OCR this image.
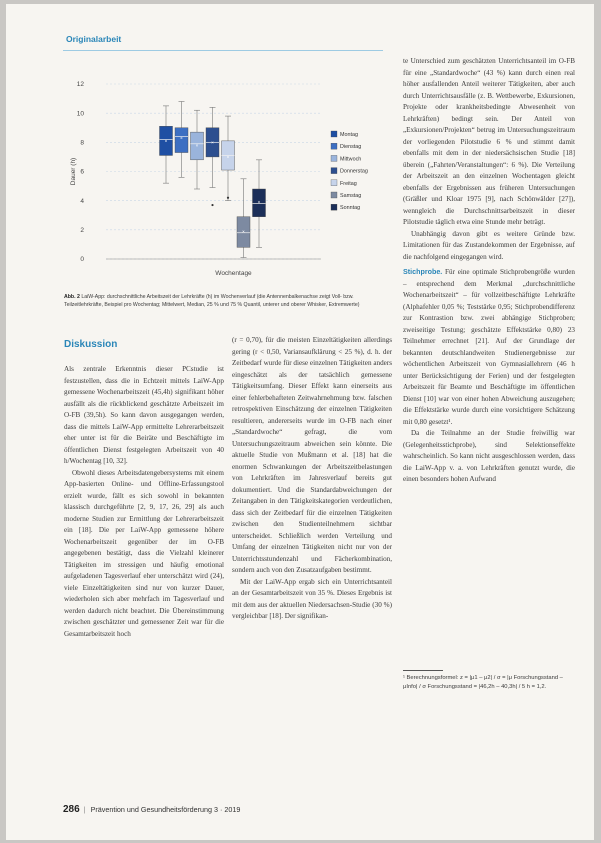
Originalarbeit
0
2
4
6
8
10
12
Dauer (h)
Wochentage
×
×
×
×
×
×
×
Montag
Dienstag
Mittwoch
Donnerstag
Freitag
Samstag
Sonntag
Abb. 2 LaiW-App: durchschnittliche Arbeitszeit der Lehrkräfte (h) im Wochenverlauf (die Antennenbalkenachse zeigt Voll- bzw. Teilzeitlehrkräfte, Beispiel pro Wochentag; Mittelwert, Median, 25 % und 75 % Quantil, unterer und oberer Whisker, Extremwerte)
Diskussion

Als zentrale Erkenntnis dieser PCstudie ist festzustellen, dass die in Echtzeit mittels LaiW-App gemessene Wochenarbeitszeit (45,4h) signifikant höher ausfällt als die rückblickend geschätzte Arbeitszeit im O-FB (39,5h). So kann davon ausgegangen werden, dass die mittels LaiW-App ermittelte Lehrerarbeitszeit eher unter ist für die Beiräte und Beschäftigte im öffentlichen Dienst festgelegten Arbeitszeit von 40 h/Wochentag [10, 32].

Obwohl dieses Arbeitsdatengebersystems mit einem App-basierten Online- und Offline-Erfassungstool erzielt wurde, fällt es sich sowohl in bekannten klassisch durchgeführte [2, 9, 17, 26, 29] als auch moderne Studien zur Ermittlung der Lehrerarbeitszeit ein [18]. Die per LaiW-App gemessene höhere Wochenarbeitszeit gegenüber der im O-FB angegebenen bestätigt, dass die Vielzahl kleinerer Tätigkeiten im stressigen und häufig emotional aufgeladenen Tagesverlauf eher unterschätzt wird (24), viele Einzeltätigkeiten sind nur von kurzer Dauer, wiederholen sich aber mehrfach im Tagesverlauf und werden dadurch nicht beachtet. Die Übereinstimmung zwischen geschätzter und gemessener Zeit war für die Gesamtarbeitszeit hoch

(r = 0,70), für die meisten Einzeltätigkeiten allerdings gering (r < 0,50, Variansaufklärung < 25 %), d. h. der Zeitbedarf wurde für diese einzelnen Tätigkeiten anders eingeschätzt als der tatsächlich gemessene Tätigkeitsumfang. Dieser Effekt kann einerseits aus einer fehlerbehafteten Zeitwahrnehmung bzw. falschen retrospektiven Einschätzung der einzelnen Tätigkeiten resultieren, andererseits wurde im O-FB nach einer „Standardwoche“ gefragt, die vom Untersuchungszeitraum abweichen sein könnte. Die aktuelle Studie von Mußmann et al. [18] hat die enormen Schwankungen der Arbeitszeitbelastungen von Lehrkräften im Jahresverlauf bereits gut dokumentiert. Und die Standardabweichungen der Zeitangaben in den Tätigkeitskategorien verdeutlichen, dass sich der Zeitbedarf für die einzelnen Tätigkeiten zwischen den Studienteilnehmern sichtbar unterscheidet. Schließlich werden Verteilung und Umfang der einzelnen Tätigkeiten nicht nur von der Unterrichtsstundenzahl und Fächerkombination, sondern auch von den Zusatzaufgaben bestimmt.

Mit der LaiW-App ergab sich ein Unterrichtsanteil an der Gesamtarbeitszeit von 35 %. Dieses Ergebnis ist mit dem aus der aktuellen Niedersachsen-Studie (30 %) vergleichbar [18]. Der signifikan-

te Unterschied zum geschätzten Unterrichtsanteil im O-FB für eine „Standardwoche“ (43 %) kann durch einen real höher ausfallenden Anteil weiterer Tätigkeiten, aber auch durch Unterrichtsausfälle (z. B. Wettbewerbe, Exkursionen, Projekte oder krankheitsbedingte Abwesenheit von Lehrkräften) bedingt sein. Der Anteil von „Exkursionen/Projekten“ betrug im Untersuchungszeitraum der vorliegenden Pilotstudie 6 % und stimmt damit ebenfalls mit dem in der niedersächsischen Studie [18] überein („Fahrten/Veranstaltungen“: 6 %). Die Verteilung der Arbeitszeit an den einzelnen Wochentagen gleicht ebenfalls der Ergebnissen aus früheren Untersuchungen (Gräßler und Kloar 1975 [9], nach Schönwälder [27]), wenngleich die Durchschnittsarbeitszeit in dieser Pilotstudie täglich etwa eine Stunde mehr beträgt.

Unabhängig davon gibt es weitere Gründe bzw. Limitationen für das Zustandekommen der Ergebnisse, auf die nachfolgend eingegangen wird.

Stichprobe. Für eine optimale Stichprobengröße wurden – entsprechend dem Merkmal „durchschnittliche Wochenarbeitszeit“ – für vollzeitbeschäftigte Lehrkräfte (Alphafehler 0,05 %; Teststärke 0,95; Stichprobendifferenz zur Kontrastion bzw. zwei abhängige Stichproben; zweiseitige Testung; geschätzte Effektstärke 0,80) 23 Teilnehmer errechnet [21]. Auf der Grundlage der bekannten deutschlandweiten Studienergebnisse zur wöchentlichen Arbeitszeit von Gymnasiallehrern (46 h unter Berücksichtigung der Ferien) und der festgelegten Arbeitszeit für Beamte und Beschäftigte im öffentlichen Dienst [10] war von einer hohen Abweichung auszugehen; die Effektstärke wurde durch eine vorsichtigere Schätzung mit 0,80 gesetzt¹.

Da die Teilnahme an der Studie freiwillig war (Gelegenheitsstichprobe), sind Selektionseffekte wahrscheinlich. So kann nicht ausgeschlossen werden, dass die LaiW-App v. a. von Lehrkräften genutzt wurde, die einen besonders hohen Aufwand

¹ Berechnungsformel: z = |μ1 – μ2| / σ = |μ Forschungsstand – μInfo| / σ Forschungsstand = |46,2h – 40,3h| / 5 h = 1,2.
286 | Prävention und Gesundheitsförderung 3 · 2019
